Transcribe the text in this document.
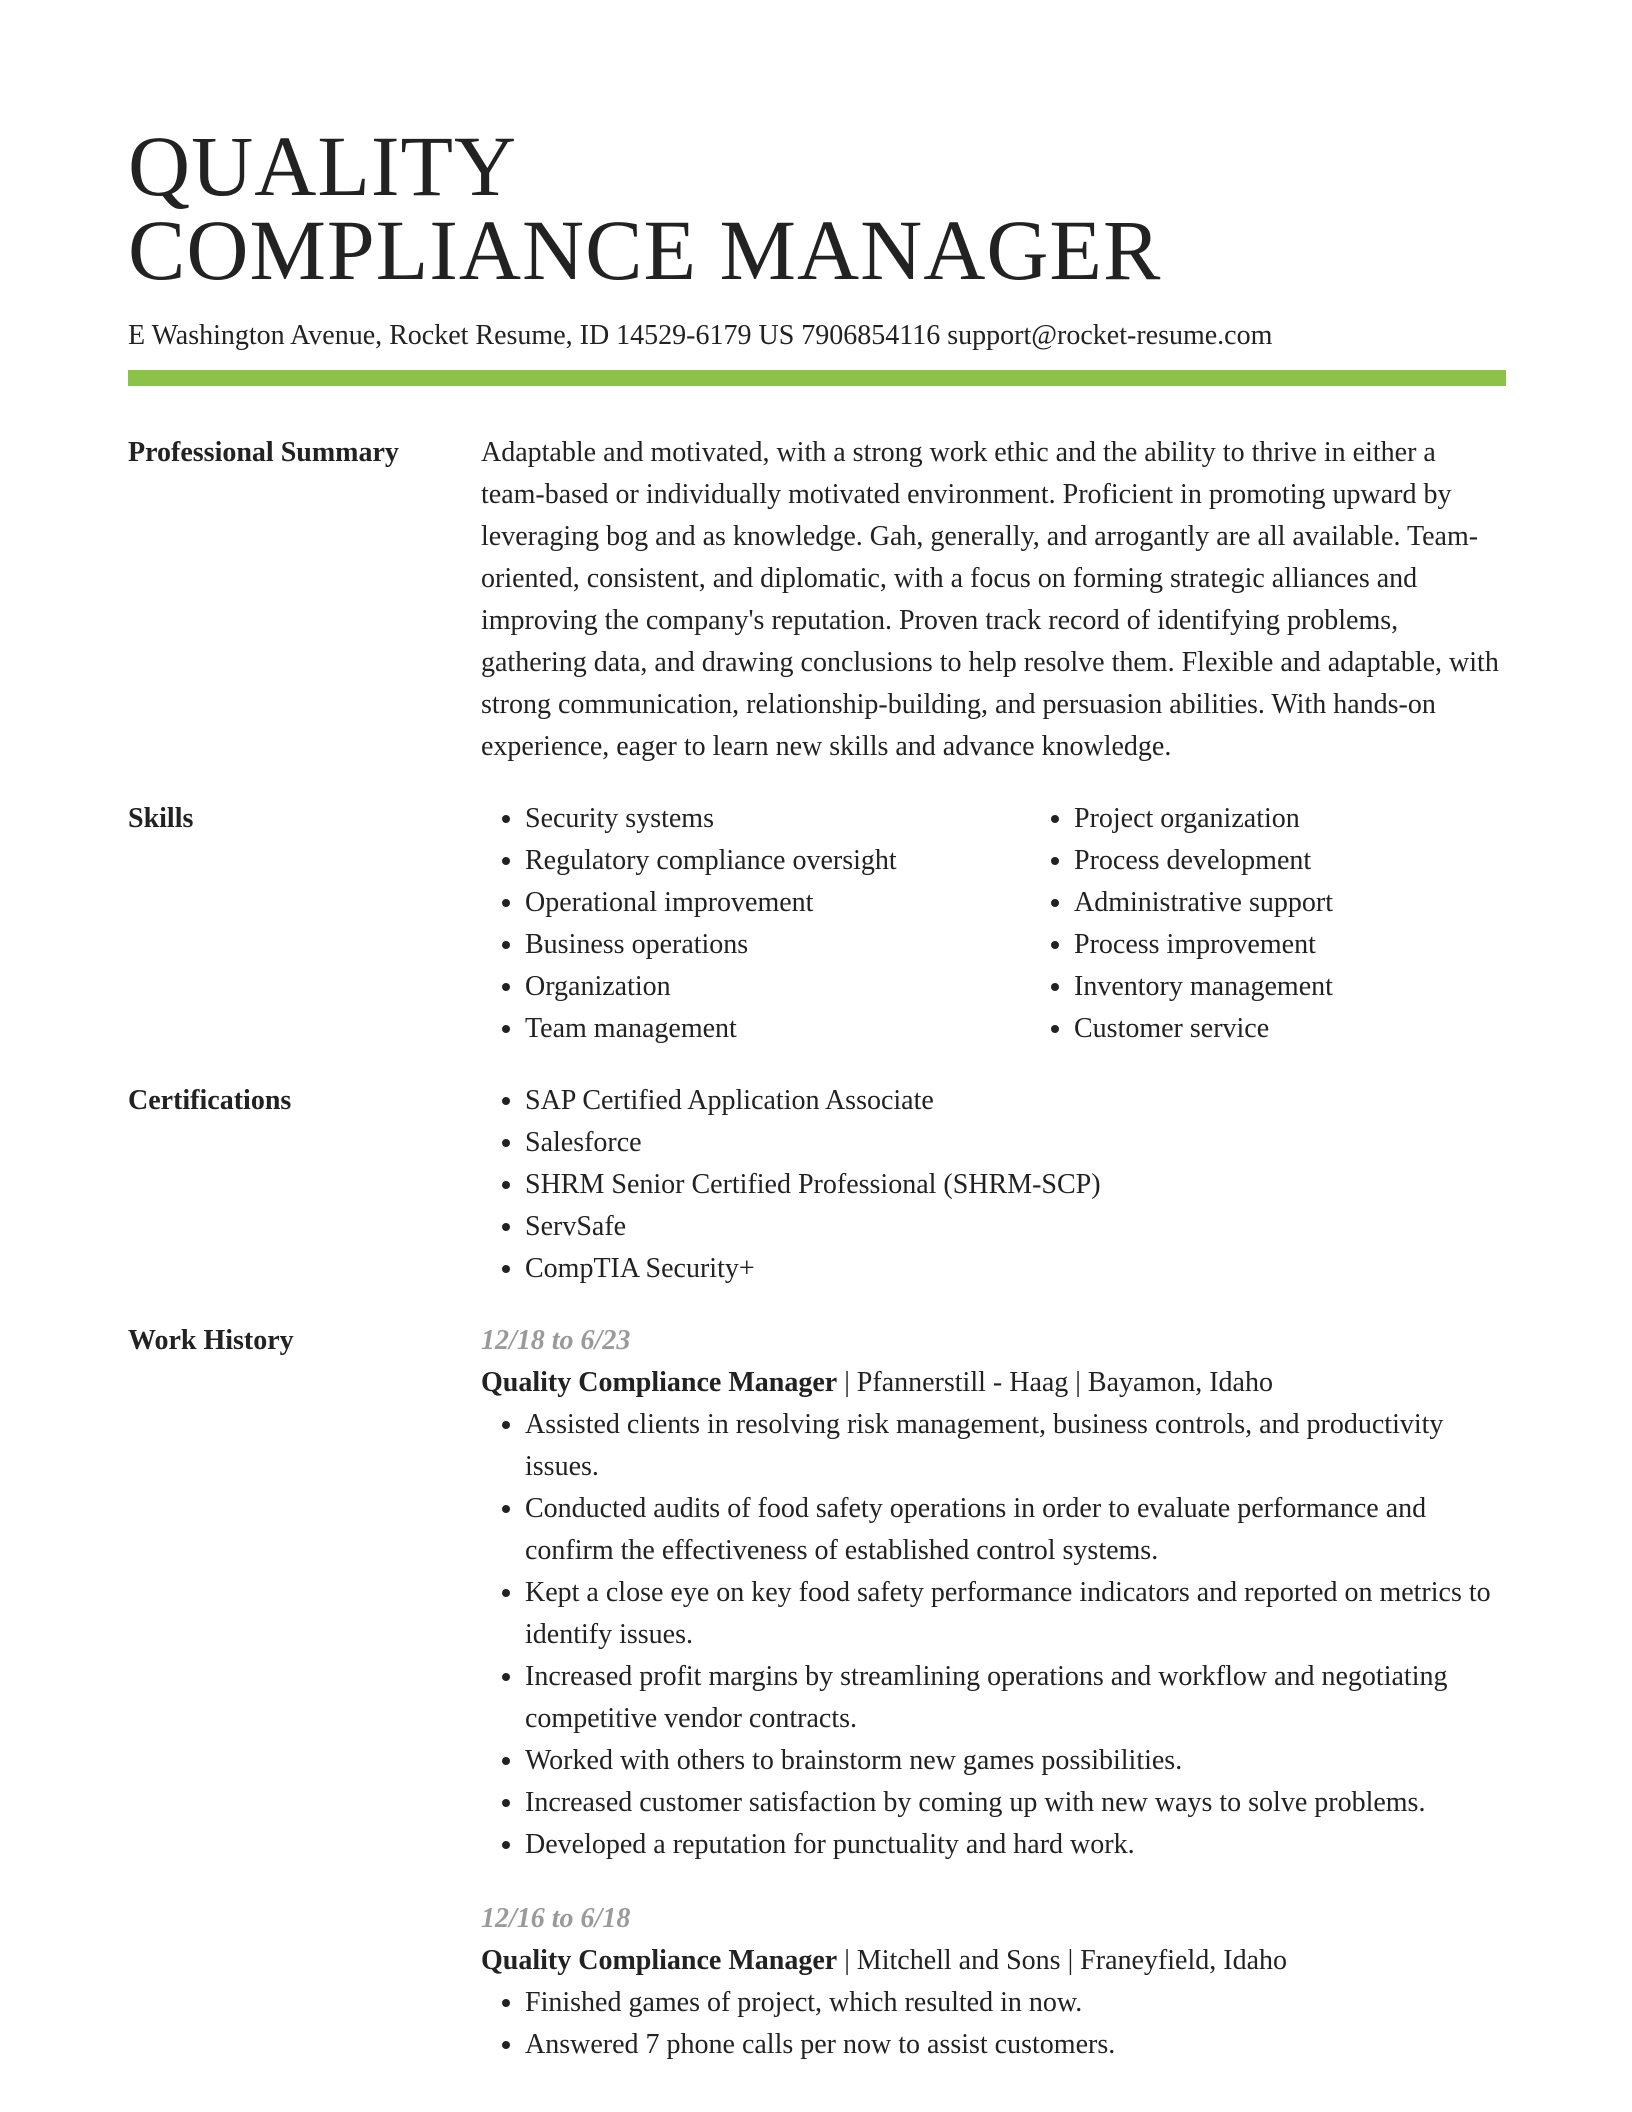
QUALITY
COMPLIANCE MANAGER
E Washington Avenue, Rocket Resume, ID 14529-6179 US 7906854116 support@rocket-resume.com
Professional Summary	Adaptable and motivated, with a strong work ethic and the ability to thrive in either a team-based or individually motivated environment. Proficient in promoting upward by leveraging bog and as knowledge. Gah, generally, and arrogantly are all available. Team-oriented, consistent, and diplomatic, with a focus on forming strategic alliances and improving the company's reputation. Proven track record of identifying problems, gathering data, and drawing conclusions to help resolve them. Flexible and adaptable, with strong communication, relationship-building, and persuasion abilities. With hands-on experience, eager to learn new skills and advance knowledge.

Skills	• Security systems
• Regulatory compliance oversight
• Operational improvement
• Business operations
• Organization
• Team management
• Project organization
• Process development
• Administrative support
• Process improvement
• Inventory management
• Customer service
Certifications	• SAP Certified Application Associate
• Salesforce
• SHRM Senior Certified Professional (SHRM-SCP)
• ServSafe
• CompTIA Security+
Work History	12/18 to 6/23
Quality Compliance Manager | Pfannerstill - Haag | Bayamon, Idaho
• Assisted clients in resolving risk management, business controls, and productivity issues.
• Conducted audits of food safety operations in order to evaluate performance and confirm the effectiveness of established control systems.
• Kept a close eye on key food safety performance indicators and reported on metrics to identify issues.
• Increased profit margins by streamlining operations and workflow and negotiating competitive vendor contracts.
• Worked with others to brainstorm new games possibilities.
• Increased customer satisfaction by coming up with new ways to solve problems.
• Developed a reputation for punctuality and hard work.
12/16 to 6/18
Quality Compliance Manager | Mitchell and Sons | Franeyfield, Idaho
• Finished games of project, which resulted in now.
• Answered 7 phone calls per now to assist customers.
